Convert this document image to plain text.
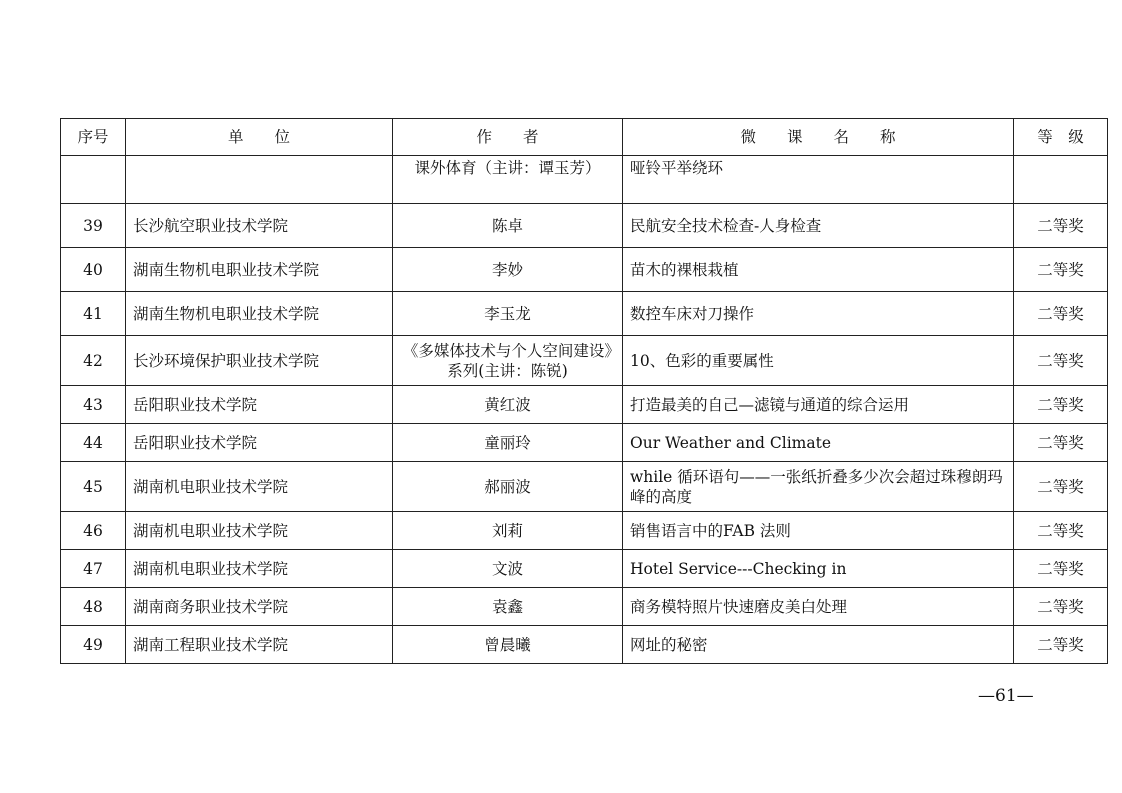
序号	单　　位	作　　者	微　　课　　名　　称	等　级
		课外体育（主讲：谭玉芳）	哑铃平举绕环	
39	长沙航空职业技术学院	陈卓	民航安全技术检查-人身检查	二等奖
40	湖南生物机电职业技术学院	李妙	苗木的裸根栽植	二等奖
41	湖南生物机电职业技术学院	李玉龙	数控车床对刀操作	二等奖
42	长沙环境保护职业技术学院	《多媒体技术与个人空间建设》系列(主讲：陈锐)	10、色彩的重要属性	二等奖
43	岳阳职业技术学院	黄红波	打造最美的自己—滤镜与通道的综合运用	二等奖
44	岳阳职业技术学院	童丽玲	Our Weather and Climate	二等奖
45	湖南机电职业技术学院	郝丽波	while 循环语句——一张纸折叠多少次会超过珠穆朗玛峰的高度	二等奖
46	湖南机电职业技术学院	刘莉	销售语言中的FAB 法则	二等奖
47	湖南机电职业技术学院	文波	Hotel Service---Checking in	二等奖
48	湖南商务职业技术学院	袁鑫	商务模特照片快速磨皮美白处理	二等奖
49	湖南工程职业技术学院	曾晨曦	网址的秘密	二等奖
—61—
